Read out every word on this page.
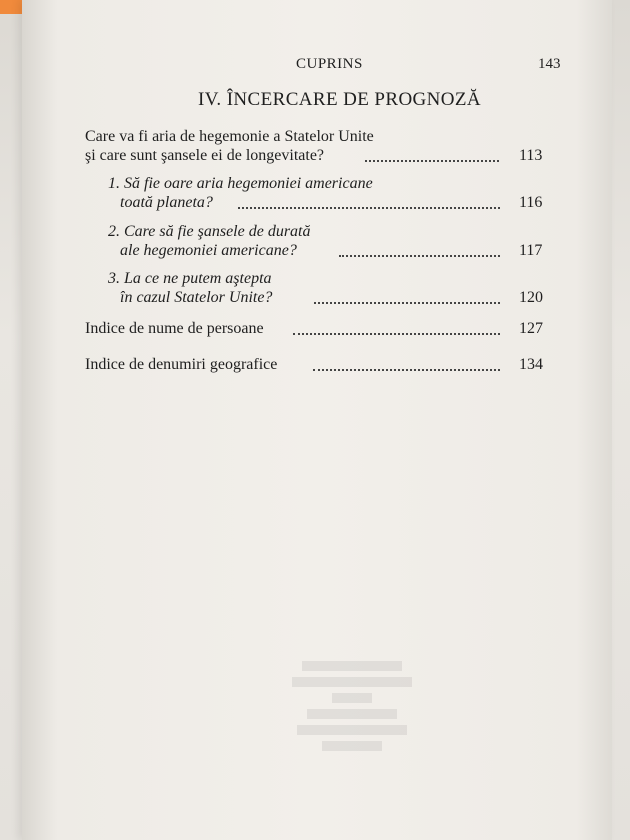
CUPRINS	143
IV. ÎNCERCARE DE PROGNOZĂ
Care va fi aria de hegemonie a Statelor Unite
şi care sunt şansele ei de longevitate?	113
1. Să fie oare aria hegemoniei americane
toată planeta?	116
2. Care să fie şansele de durată
ale hegemoniei americane?	117
3. La ce ne putem aştepta
în cazul Statelor Unite?	120
Indice de nume de persoane	127
Indice de denumiri geografice	134
